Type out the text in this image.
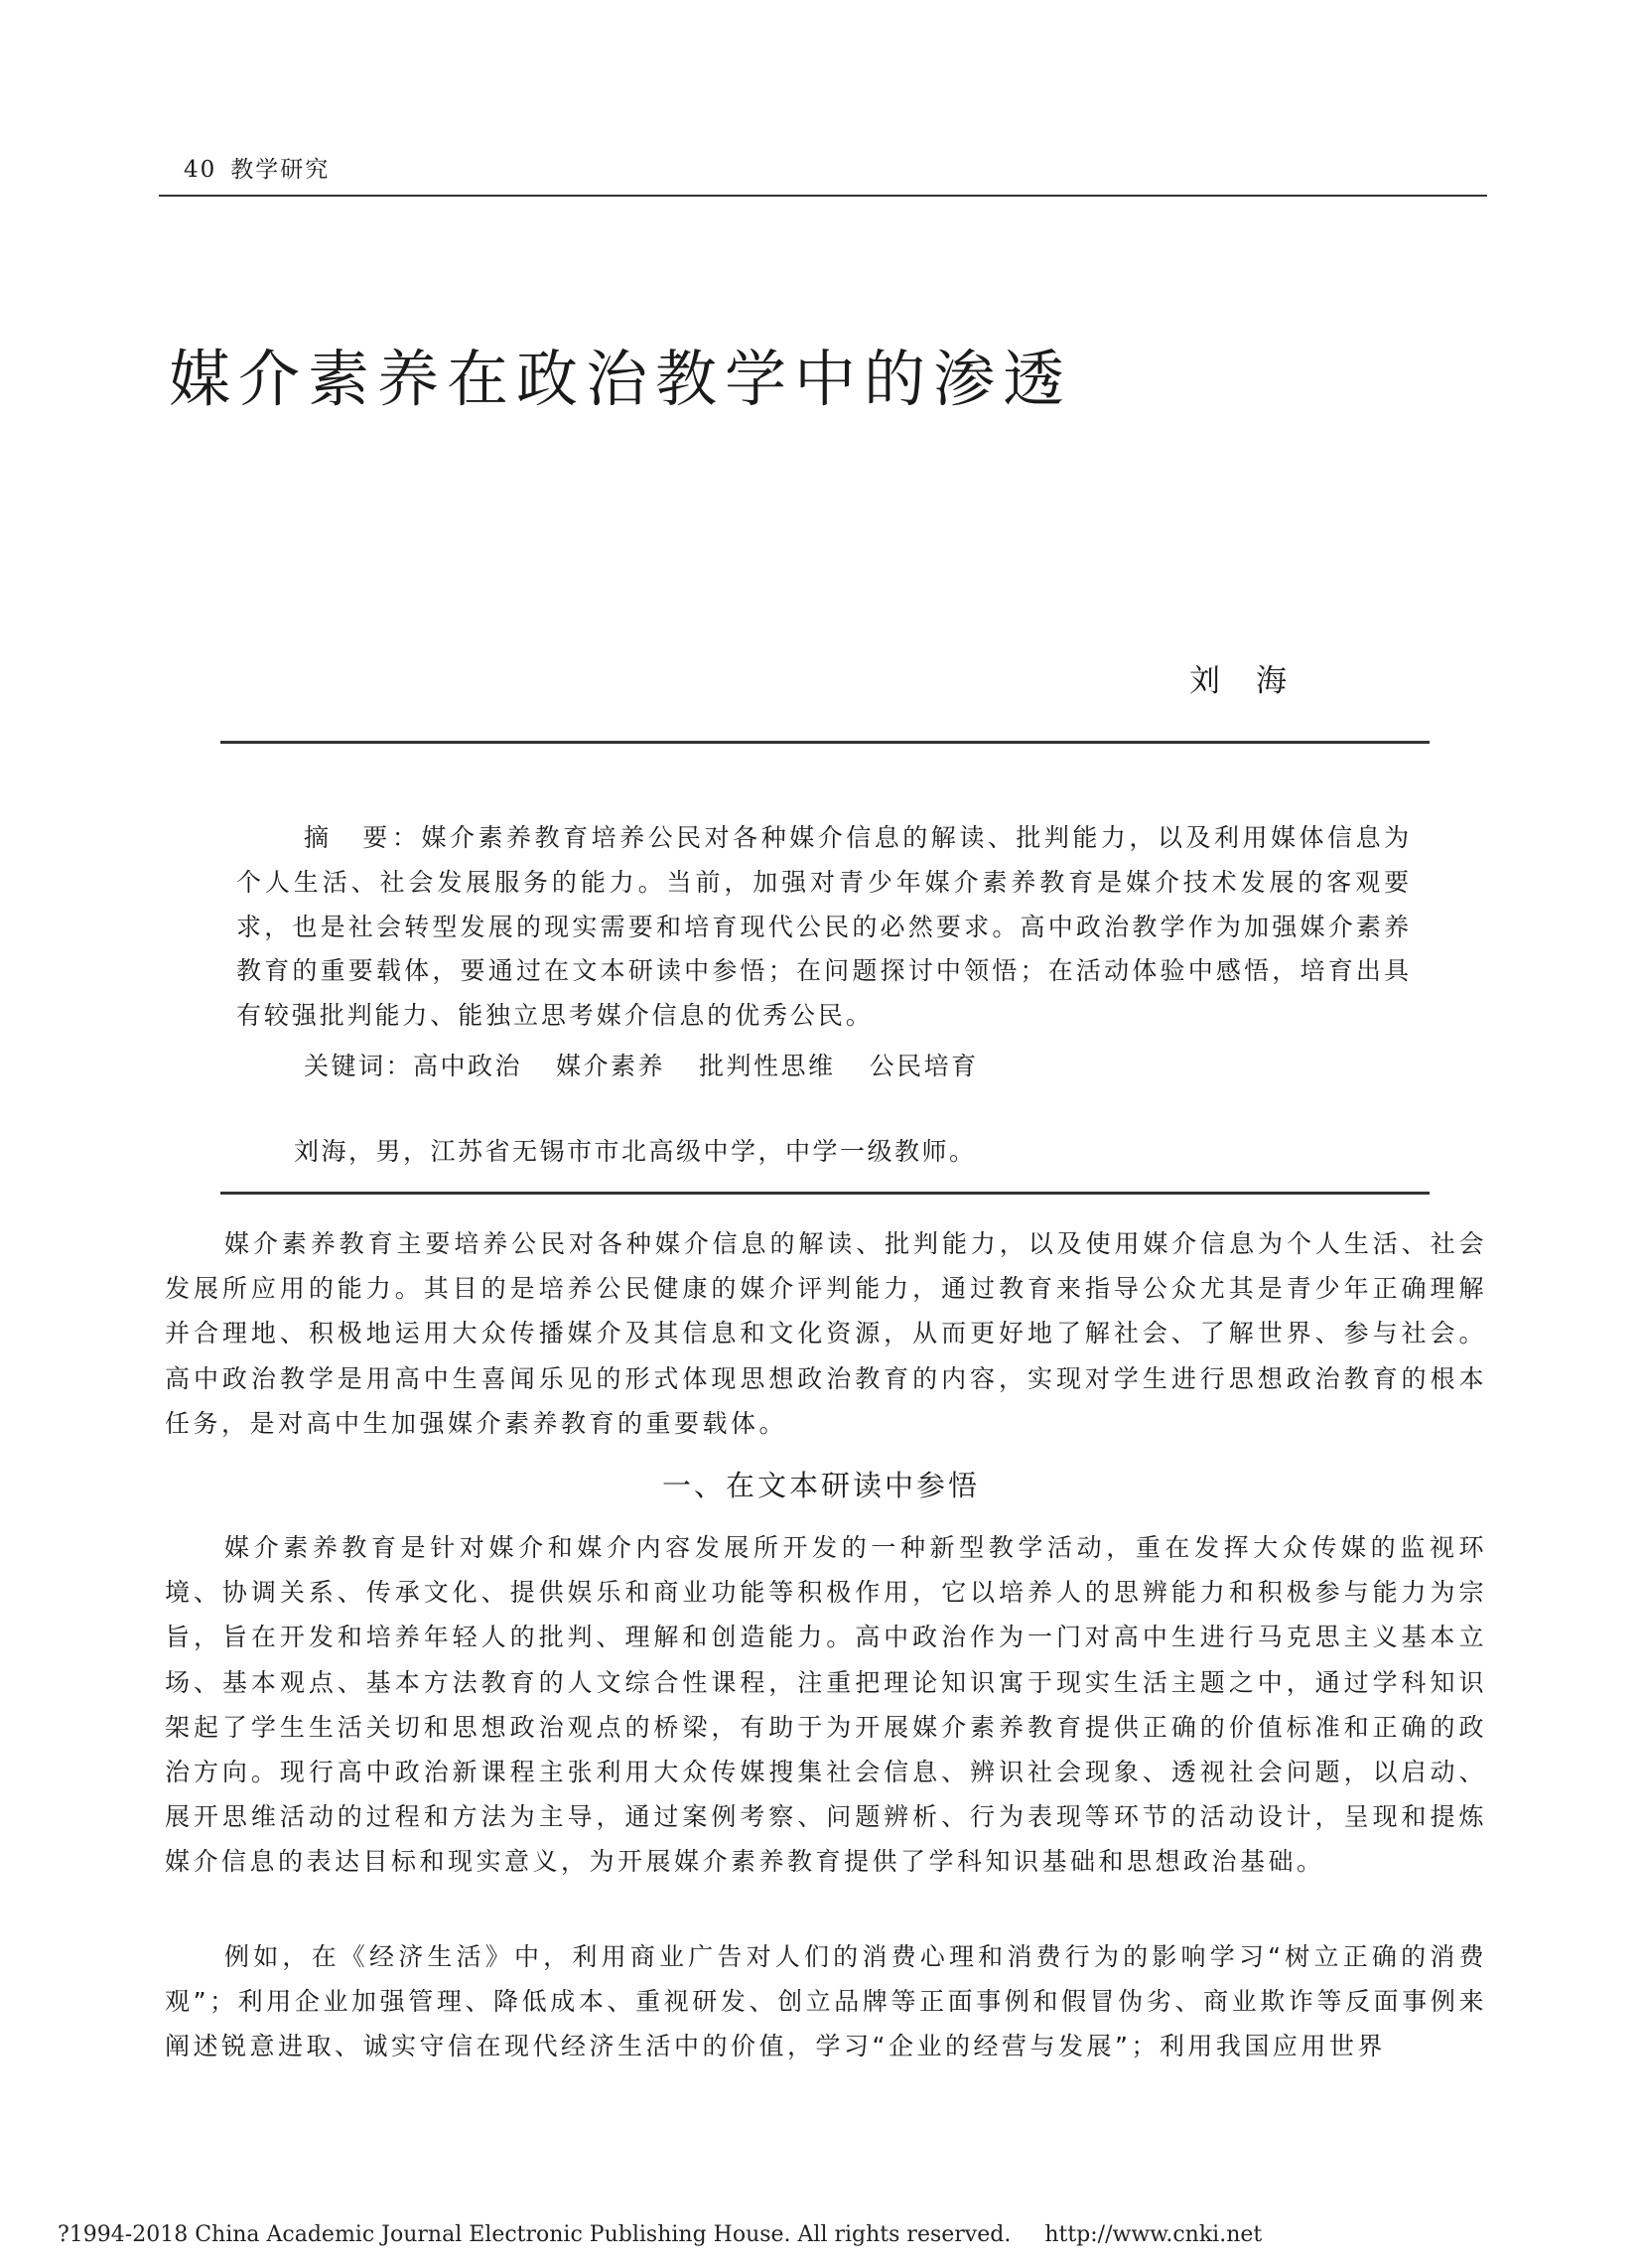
40 教学研究
媒介素养在政治教学中的渗透
刘 海

摘　要：媒介素养教育培养公民对各种媒介信息的解读、批判能力，以及利用媒体信息为个人生活、社会发展服务的能力。当前，加强对青少年媒介素养教育是媒介技术发展的客观要求，也是社会转型发展的现实需要和培育现代公民的必然要求。高中政治教学作为加强媒介素养教育的重要载体，要通过在文本研读中参悟；在问题探讨中领悟；在活动体验中感悟，培育出具有较强批判能力、能独立思考媒介信息的优秀公民。

关键词：高中政治 媒介素养 批判性思维 公民培育
刘海，男，江苏省无锡市市北高级中学，中学一级教师。

媒介素养教育主要培养公民对各种媒介信息的解读、批判能力，以及使用媒介信息为个人生活、社会发展所应用的能力。其目的是培养公民健康的媒介评判能力，通过教育来指导公众尤其是青少年正确理解并合理地、积极地运用大众传播媒介及其信息和文化资源，从而更好地了解社会、了解世界、参与社会。高中政治教学是用高中生喜闻乐见的形式体现思想政治教育的内容，实现对学生进行思想政治教育的根本任务，是对高中生加强媒介素养教育的重要载体。

一、在文本研读中参悟

媒介素养教育是针对媒介和媒介内容发展所开发的一种新型教学活动，重在发挥大众传媒的监视环境、协调关系、传承文化、提供娱乐和商业功能等积极作用，它以培养人的思辨能力和积极参与能力为宗旨，旨在开发和培养年轻人的批判、理解和创造能力。高中政治作为一门对高中生进行马克思主义基本立场、基本观点、基本方法教育的人文综合性课程，注重把理论知识寓于现实生活主题之中，通过学科知识架起了学生生活关切和思想政治观点的桥梁，有助于为开展媒介素养教育提供正确的价值标准和正确的政治方向。现行高中政治新课程主张利用大众传媒搜集社会信息、辨识社会现象、透视社会问题，以启动、展开思维活动的过程和方法为主导，通过案例考察、问题辨析、行为表现等环节的活动设计，呈现和提炼媒介信息的表达目标和现实意义，为开展媒介素养教育提供了学科知识基础和思想政治基础。

例如，在《经济生活》中，利用商业广告对人们的消费心理和消费行为的影响学习“树立正确的消费观”；利用企业加强管理、降低成本、重视研发、创立品牌等正面事例和假冒伪劣、商业欺诈等反面事例来阐述锐意进取、诚实守信在现代经济生活中的价值，学习“企业的经营与发展”；利用我国应用世界

?1994-2018 China Academic Journal Electronic Publishing House. All rights reserved. http://www.cnki.net
